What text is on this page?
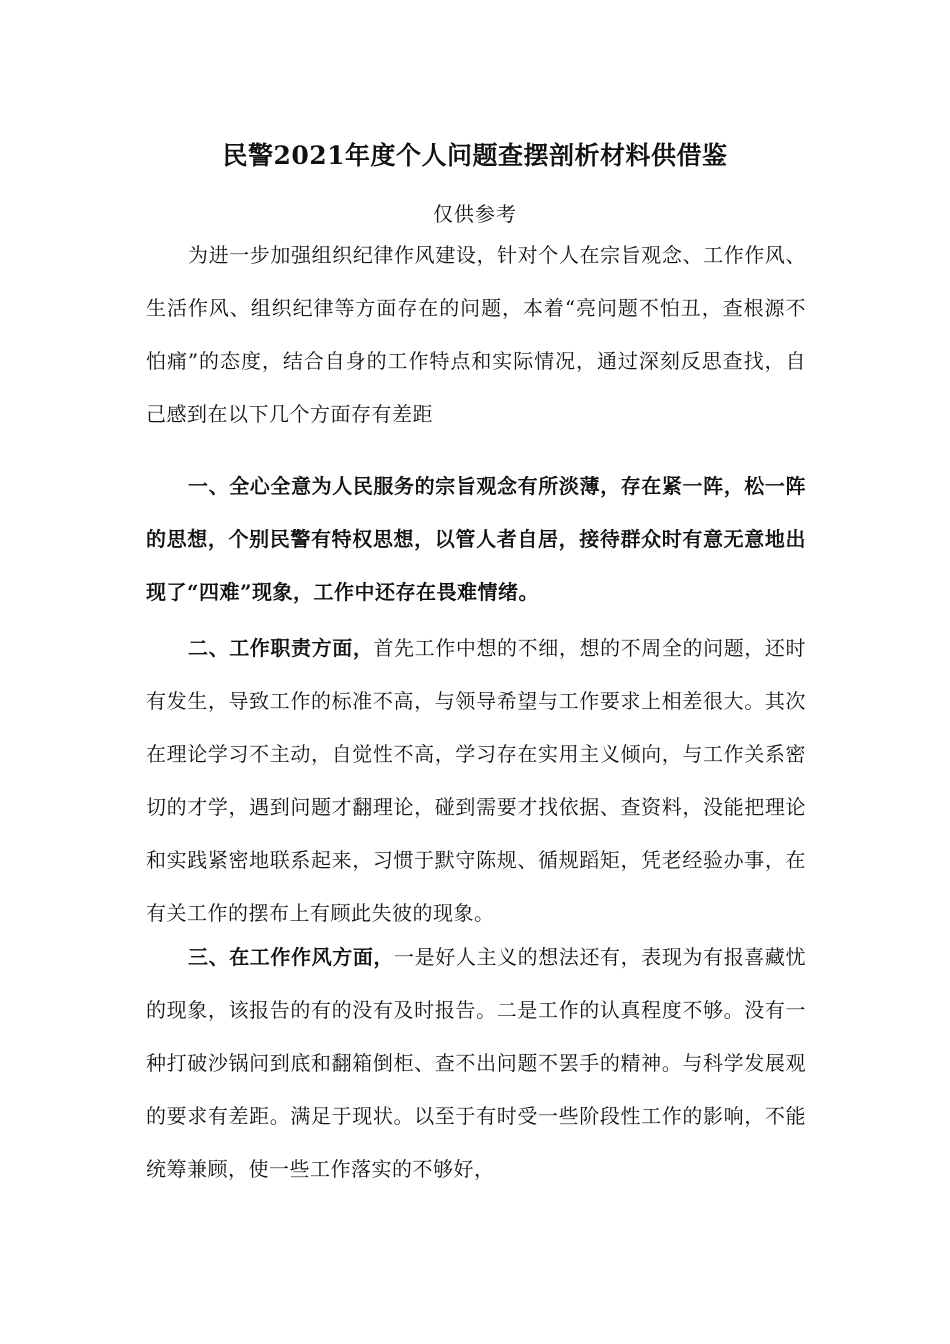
民警2021年度个人问题查摆剖析材料供借鉴
仅供参考

为进一步加强组织纪律作风建设，针对个人在宗旨观念、工作作风、生活作风、组织纪律等方面存在的问题，本着“亮问题不怕丑，查根源不怕痛”的态度，结合自身的工作特点和实际情况，通过深刻反思查找，自己感到在以下几个方面存有差距

一、全心全意为人民服务的宗旨观念有所淡薄，存在紧一阵，松一阵的思想，个别民警有特权思想，以管人者自居，接待群众时有意无意地出现了“四难”现象，工作中还存在畏难情绪。

二、工作职责方面，首先工作中想的不细，想的不周全的问题，还时有发生，导致工作的标准不高，与领导希望与工作要求上相差很大。其次在理论学习不主动，自觉性不高，学习存在实用主义倾向，与工作关系密切的才学，遇到问题才翻理论，碰到需要才找依据、查资料，没能把理论和实践紧密地联系起来，习惯于默守陈规、循规蹈矩，凭老经验办事，在有关工作的摆布上有顾此失彼的现象。

三、在工作作风方面，一是好人主义的想法还有，表现为有报喜藏忧的现象，该报告的有的没有及时报告。二是工作的认真程度不够。没有一种打破沙锅问到底和翻箱倒柜、查不出问题不罢手的精神。与科学发展观的要求有差距。满足于现状。以至于有时受一些阶段性工作的影响，不能统筹兼顾，使一些工作落实的不够好，
